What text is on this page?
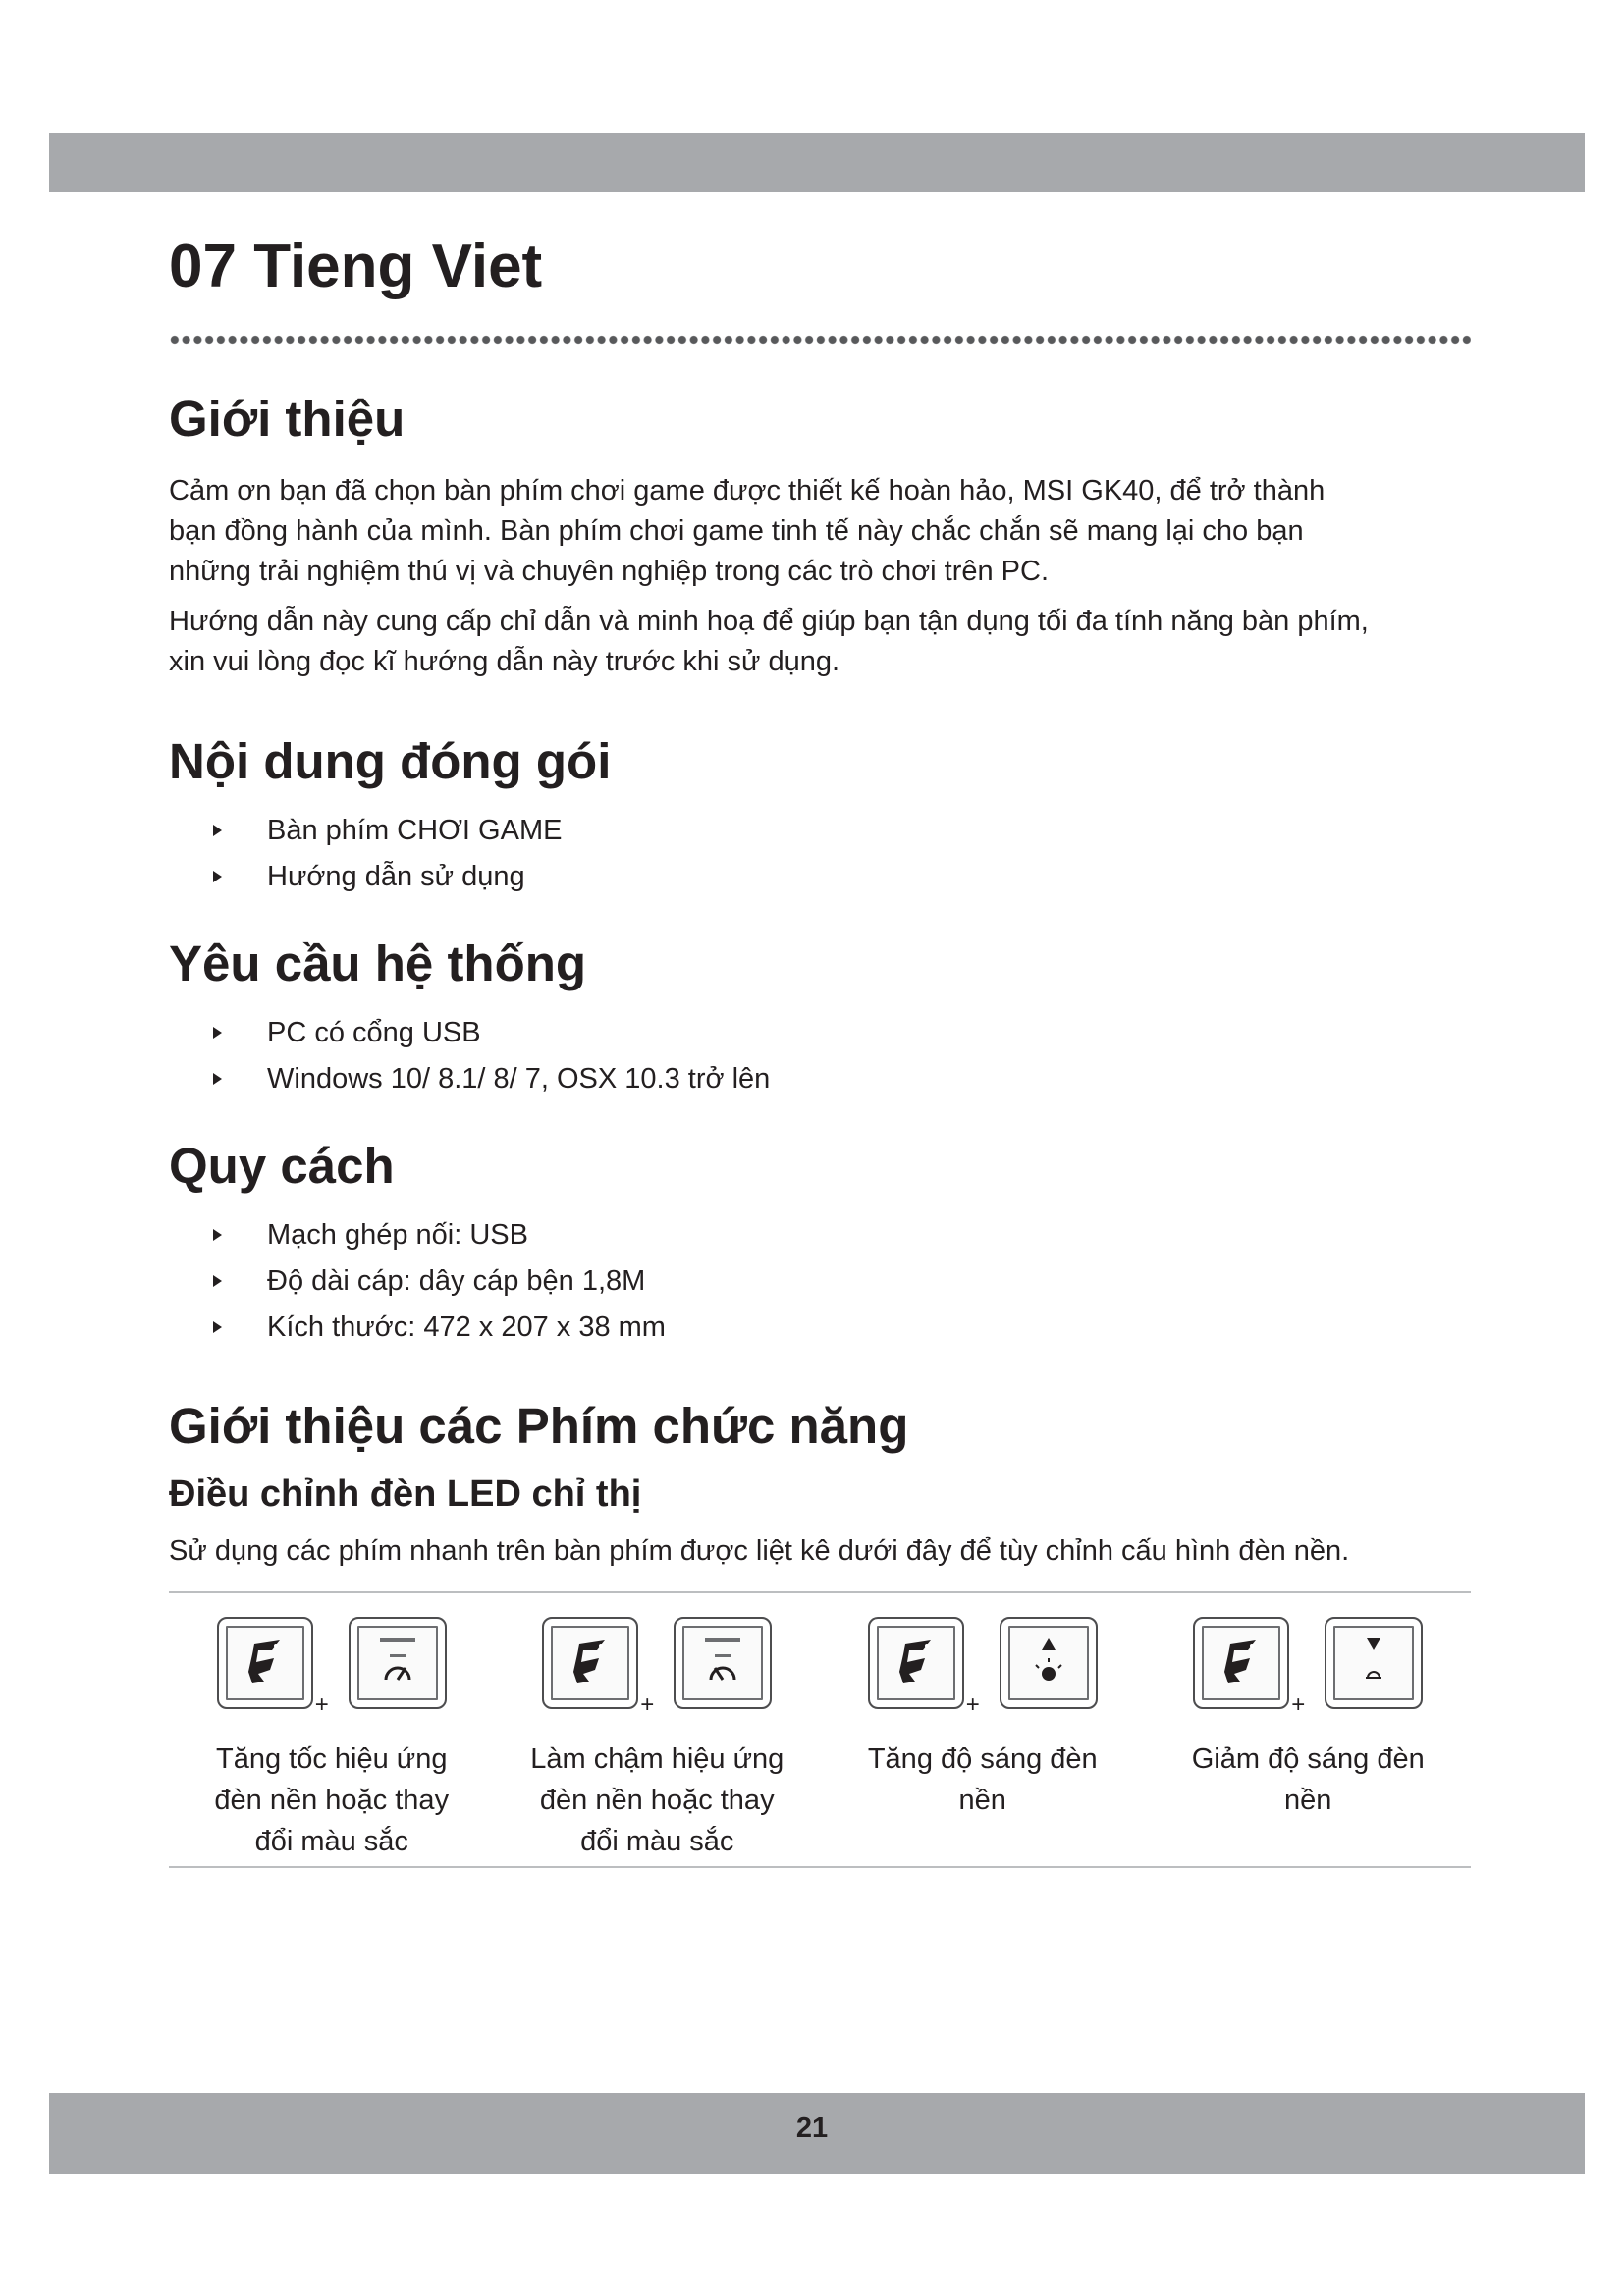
07 Tieng Viet
Giới thiệu

Cảm ơn bạn đã chọn bàn phím chơi game được thiết kế hoàn hảo, MSI GK40, để trở thành
bạn đồng hành của mình. Bàn phím chơi game tinh tế này chắc chắn sẽ mang lại cho bạn
những trải nghiệm thú vị và chuyên nghiệp trong các trò chơi trên PC.

Hướng dẫn này cung cấp chỉ dẫn và minh hoạ để giúp bạn tận dụng tối đa tính năng bàn phím,
xin vui lòng đọc kĩ hướng dẫn này trước khi sử dụng.

Nội dung đóng gói
Bàn phím CHƠI GAME
Hướng dẫn sử dụng
Yêu cầu hệ thống
PC có cổng USB
Windows 10/ 8.1/ 8/ 7, OSX 10.3 trở lên
Quy cách
Mạch ghép nối: USB
Độ dài cáp: dây cáp bện 1,8M
Kích thước: 472 x 207 x 38 mm
Giới thiệu các Phím chức năng
Điều chỉnh đèn LED chỉ thị

Sử dụng các phím nhanh trên bàn phím được liệt kê dưới đây để tùy chỉnh cấu hình đèn nền.

+
Tăng tốc hiệu ứng
đèn nền hoặc thay
đổi màu sắc
+
Làm chậm hiệu ứng
đèn nền hoặc thay
đổi màu sắc
+
Tăng độ sáng đèn
nền
+
Giảm độ sáng đèn
nền
21
